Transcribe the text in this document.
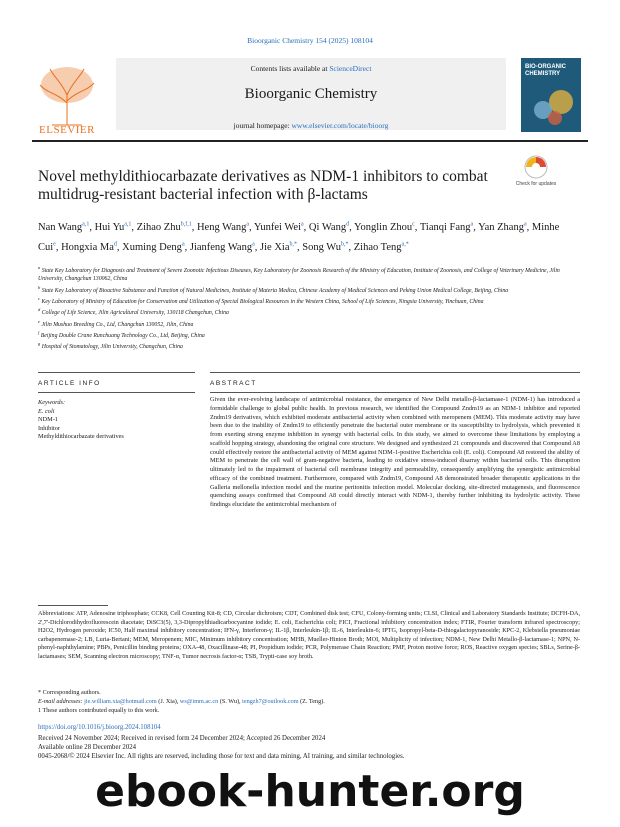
Bioorganic Chemistry 154 (2025) 108104
ELSEVIER
Contents lists available at ScienceDirect
Bioorganic Chemistry
journal homepage: www.elsevier.com/locate/bioorg
BIO-ORGANIC CHEMISTRY
Novel methyldithiocarbazate derivatives as NDM-1 inhibitors to combat multidrug-resistant bacterial infection with β-lactams
Check for updates
Nan Wang$^{a,1}$, Hui Yu$^{a,1}$, Zihao Zhu$^{b,f,1}$, Heng Wang$^a$, Yunfei Wei$^a$, Qi Wang$^d$, Yonglin Zhou$^c$, Tianqi Fang$^a$, Yan Zhang$^a$, Minhe Cui$^e$, Hongxia Ma$^d$, Xuming Deng$^a$, Jianfeng Wang$^a$, Jie Xia$^{b,*}$, Song $Wu^{b,*}$, Zihao Teng$^{a,*}$
$^a$ State Key Laboratory for Diagnosis and Treatment of Severe Zoonotic Infectious Diseases, Key Laboratory for Zoonosis Research of the Ministry of Education, Institute of Zoonosis, and College of Veterinary Medicine, Jilin University, Changchun 130062, China
$^b$ State Key Laboratory of Bioactive Substance and Function of Natural Medicines, Institute of Materia Medica, Chinese Academy of Medical Sciences and Peking Union Medical College, Beijing, China
$^c$ Key Laboratory of Ministry of Education for Conservation and Utilization of Special Biological Resources in the Western China, School of Life Sciences, Ningxia University, Yinchuan, China
$^d$ College of Life Science, Jilin Agricultural University, 130118 Changchun, China
$^e$ Jilin Mushuo Breeding Co., Ltd, Changchun 130052, Jilin, China
$^f$ Beijing Double Crane Runchuang Technology Co., Ltd, Beijing, China
$^g$ Hospital of Stomatology, Jilin University, Changchun, China
ARTICLE INFO	ABSTRACT
Keywords:
E. coli
NDM-1
Inhibitor
Methyldithiocarbazate derivatives
Given the ever-evolving landscape of antimicrobial resistance, the emergence of New Delhi metallo-β-lactamase-1 (NDM-1) has introduced a formidable challenge to global public health. In previous research, we identified the Compound Zndm19 as an NDM-1 inhibitor and reported Zndm19 derivatives, which exhibited moderate antibacterial activity when combined with meropenem (MEM). This moderate activity may have been due to the inability of Zndm19 to efficiently penetrate the bacterial outer membrane or its susceptibility to hydrolysis, which prevented it from exerting strong enzyme inhibition in synergy with bacterial cells. In this study, we aimed to overcome these limitations by employing a scaffold hopping strategy, abandoning the original core structure. We designed and synthesized 21 compounds and discovered that Compound A8 could effectively restore the antibacterial activity of MEM against NDM-1-positive Escherichia coli (E. coli). Compound A8 restored the ability of MEM to penetrate the cell wall of gram-negative bacteria, leading to oxidative stress-induced disarray within bacterial cells. This disruption ultimately led to the impairment of bacterial cell membrane integrity and permeability, consequently amplifying the synergistic antimicrobial efficacy of the combined treatment. Furthermore, compared with Zndm19, Compound A8 demonstrated broader therapeutic applications in the Galleria mellonella infection model and the murine peritonitis infection model. Molecular docking, site-directed mutagenesis, and fluorescence quenching assays confirmed that Compound A8 could directly interact with NDM-1, thereby further inhibiting its hydrolytic activity. These findings elucidate the antimicrobial mechanism of
Abbreviations: ATP, Adenosine triphosphate; CCK8, Cell Counting Kit-8; CD, Circular dichroism; CDT, Combined disk test; CFU, Colony-forming units; CLSI, Clinical and Laboratory Standards Institute; DCFH-DA, 2',7'-Dichlorodihydrofluorescein diacetate; DiSC3(5), 3,3-Dipropylthiadicarbocyanine iodide; E. coli, Escherichia coli; FICI, Fractional inhibitory concentration index; FTIR, Fourier transform infrared spectroscopy; H2O2, Hydrogen peroxide; IC50, Half maximal inhibitory concentration; IFN-γ, Interferon-γ; IL-1β, Interleukin-1β; IL-6, Interleukin-6; IPTG, Isopropyl-beta-D-thiogalactopyranoside; KPC-2, Klebsiella pneumoniae carbapenemase-2; LB, Luria-Bertani; MEM, Meropenem; MIC, Minimum inhibitory concentration; MHB, Mueller-Hinton Broth; MOI, Multiplicity of infection; NDM-1, New Delhi Metallo-β-lactamase-1; NPN, N-phenyl-naphthylamine; PBPs, Penicillin binding proteins; OXA-48, Oxacillinase-48; PI, Propidium iodide; PCR, Polymerase Chain Reaction; PMF, Proton motive force; ROS, Reactive oxygen species; SBLs, Serine-β-lactamases; SEM, Scanning electron microscopy; TNF-α, Tumor necrosis factor-α; TSB, Trypti-case soy broth.
* Corresponding authors.
E-mail addresses: jie.william.xia@hotmail.com (J. Xia), ws@imm.ac.cn (S. Wu), tengzh7@outlook.com (Z. Teng).
1 These authors contributed equally to this work.
https://doi.org/10.1016/j.bioorg.2024.108104
Received 24 November 2024; Received in revised form 24 December 2024; Accepted 26 December 2024
Available online 28 December 2024
0045-2068/© 2024 Elsevier Inc. All rights are reserved, including those for text and data mining, AI training, and similar technologies.
ebook-hunter.org
